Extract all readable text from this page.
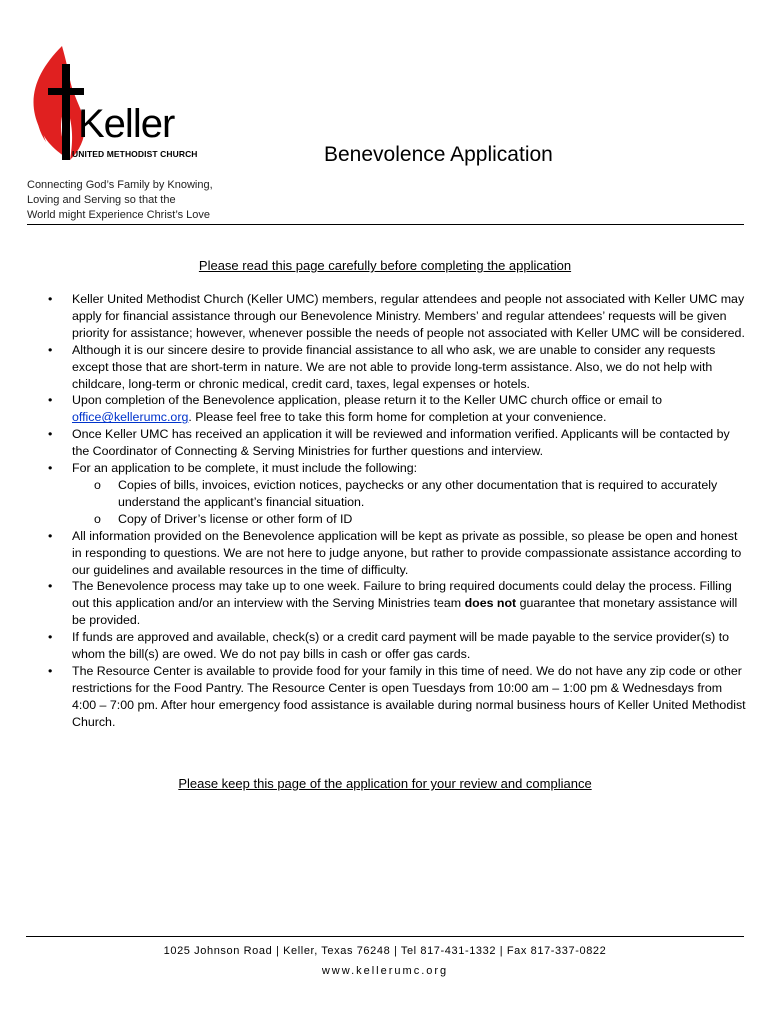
Keller
UNITED METHODIST CHURCH	Benevolence Application
Connecting God’s Family by Knowing,
Loving and Serving so that the
World might Experience Christ’s Love
Please read this page carefully before completing the application
• Keller United Methodist Church (Keller UMC) members, regular attendees and people not associated with Keller UMC may apply for financial assistance through our Benevolence Ministry. Members’ and regular attendees’ requests will be given priority for assistance; however, whenever possible the needs of people not associated with Keller UMC will be considered.
• Although it is our sincere desire to provide financial assistance to all who ask, we are unable to consider any requests except those that are short-term in nature. We are not able to provide long-term assistance. Also, we do not help with childcare, long-term or chronic medical, credit card, taxes, legal expenses or hotels.
• Upon completion of the Benevolence application, please return it to the Keller UMC church office or email to office@kellerumc.org. Please feel free to take this form home for completion at your convenience.
• Once Keller UMC has received an application it will be reviewed and information verified. Applicants will be contacted by the Coordinator of Connecting & Serving Ministries for further questions and interview.
• For an application to be complete, it must include the following:
o Copies of bills, invoices, eviction notices, paychecks or any other documentation that is required to accurately understand the applicant’s financial situation.
o Copy of Driver’s license or other form of ID
• All information provided on the Benevolence application will be kept as private as possible, so please be open and honest in responding to questions. We are not here to judge anyone, but rather to provide compassionate assistance according to our guidelines and available resources in the time of difficulty.
• The Benevolence process may take up to one week. Failure to bring required documents could delay the process. Filling out this application and/or an interview with the Serving Ministries team does not guarantee that monetary assistance will be provided.
• If funds are approved and available, check(s) or a credit card payment will be made payable to the service provider(s) to whom the bill(s) are owed. We do not pay bills in cash or offer gas cards.
• The Resource Center is available to provide food for your family in this time of need. We do not have any zip code or other restrictions for the Food Pantry. The Resource Center is open Tuesdays from 10:00 am – 1:00 pm & Wednesdays from 4:00 – 7:00 pm. After hour emergency food assistance is available during normal business hours of Keller United Methodist Church.
Please keep this page of the application for your review and compliance
1025 Johnson Road | Keller, Texas 76248 | Tel 817-431-1332 | Fax 817-337-0822
www.kellerumc.org
